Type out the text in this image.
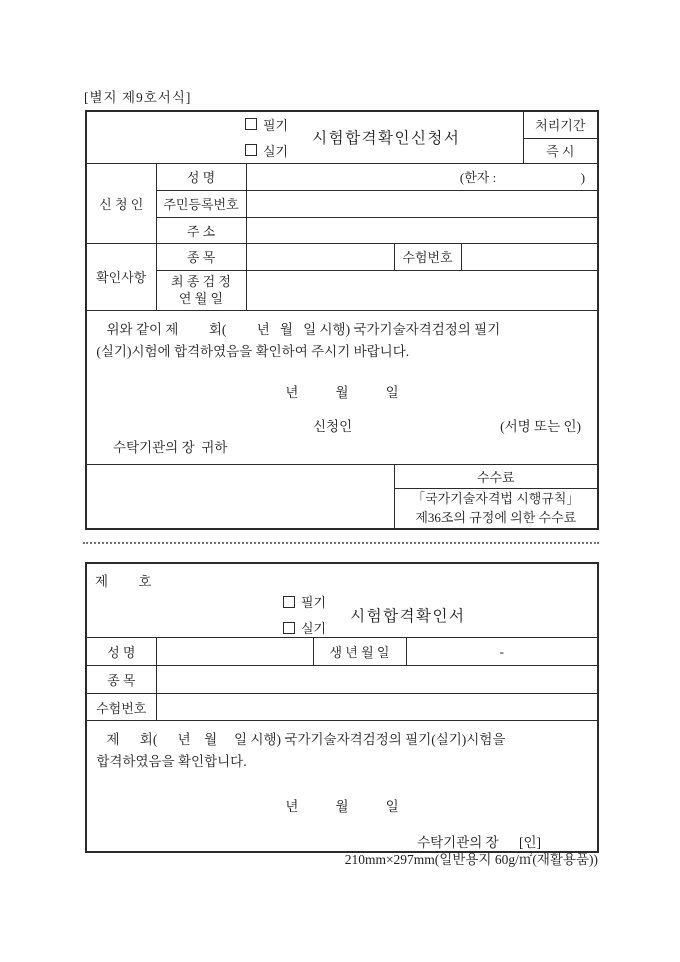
[별지 제9호서식]
필기
실기
시험합격확인신청서					처리기간
					즉 시
신 청 인	성 명	(한자 :                          )			
	주민등록번호				
	주 소				
확인사항	종 목		수험번호		

	최 종 검 정
연 월 일				

위와 같이 제         회(         년   월   일 시행) 국가기술자격검정의 필기
(실기)시험에 합격하였음을 확인하여 주시기 바랍니다.
년           월           일
신청인	(서명 또는 인)
수탁기관의 장  귀하

			수수료		

			「국가기술자격법 시행규칙」
제36조의 규정에 의한 수수료		
제         호
필기
실기
시험합격확인서			

성 명		생 년 월 일	-
종 목			
수험번호			

제      회(      년    월     일 시행) 국가기술자격검정의 필기(실기)시험을
합격하였음을 확인합니다.
년           월           일
수탁기관의 장      [인]			
210mm×297mm(일반용지 60g/㎡(재활용품))
